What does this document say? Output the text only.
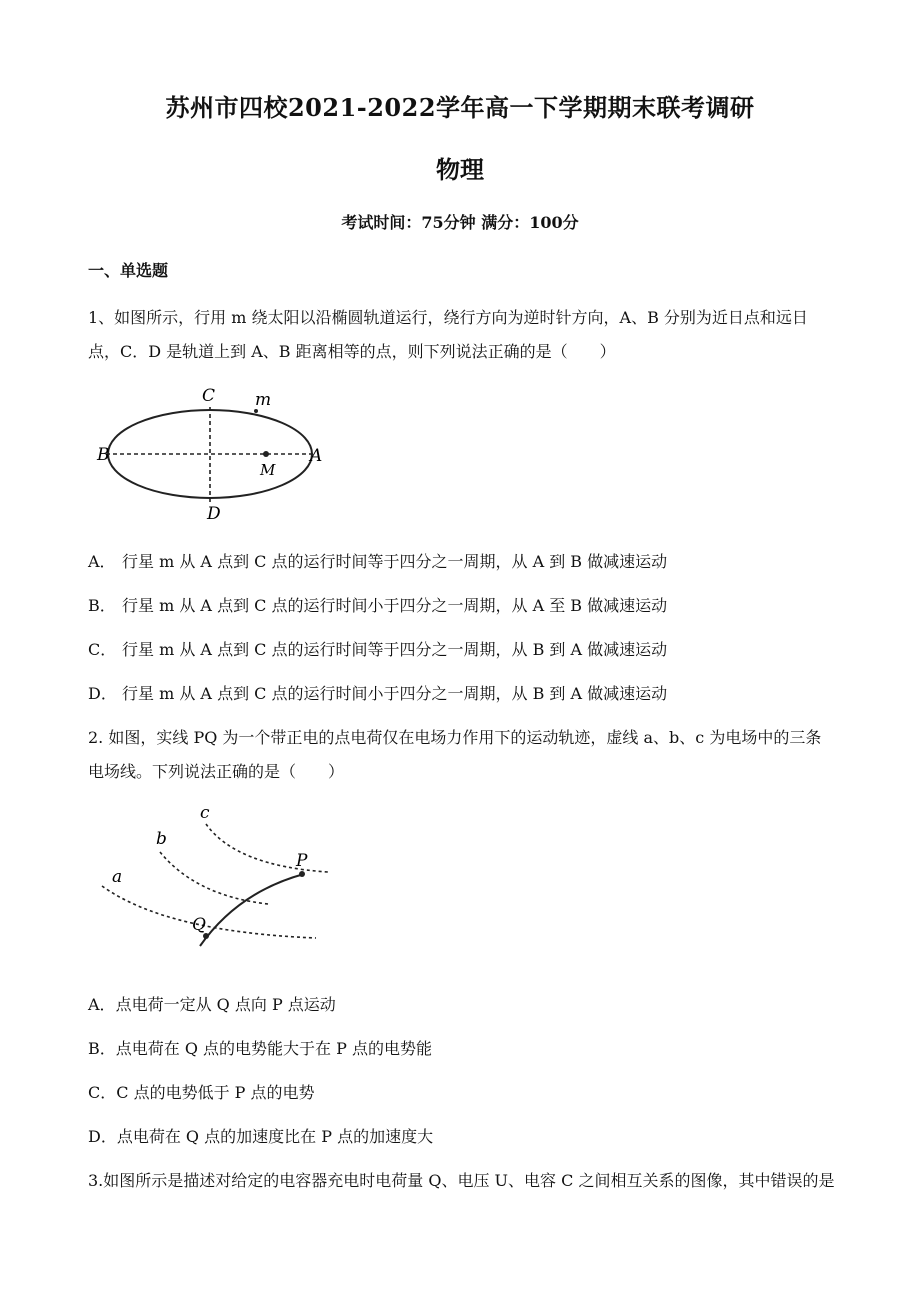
苏州市四校2021-2022学年高一下学期期末联考调研
物理
考试时间：75分钟 满分：100分
一、单选题
1、如图所示，行用 m 绕太阳以沿椭圆轨道运行，绕行方向为逆时针方向，A、B 分别为近日点和远日
点，C．D 是轨道上到 A、B 距离相等的点，则下列说法正确的是（　　）
C
D
B	A
m
M
A． 行星 m 从 A 点到 C 点的运行时间等于四分之一周期，从 A 到 B 做减速运动
B． 行星 m 从 A 点到 C 点的运行时间小于四分之一周期，从 A 至 B 做减速运动
C． 行星 m 从 A 点到 C 点的运行时间等于四分之一周期，从 B 到 A 做减速运动
D． 行星 m 从 A 点到 C 点的运行时间小于四分之一周期，从 B 到 A 做减速运动
2. 如图，实线 PQ 为一个带正电的点电荷仅在电场力作用下的运动轨迹，虚线 a、b、c 为电场中的三条
电场线。下列说法正确的是（　　）
a
b
c
P
Q
A．点电荷一定从 Q 点向 P 点运动
B．点电荷在 Q 点的电势能大于在 P 点的电势能
C．C 点的电势低于 P 点的电势
D．点电荷在 Q 点的加速度比在 P 点的加速度大
3.如图所示是描述对给定的电容器充电时电荷量 Q、电压 U、电容 C 之间相互关系的图像，其中错误的是
